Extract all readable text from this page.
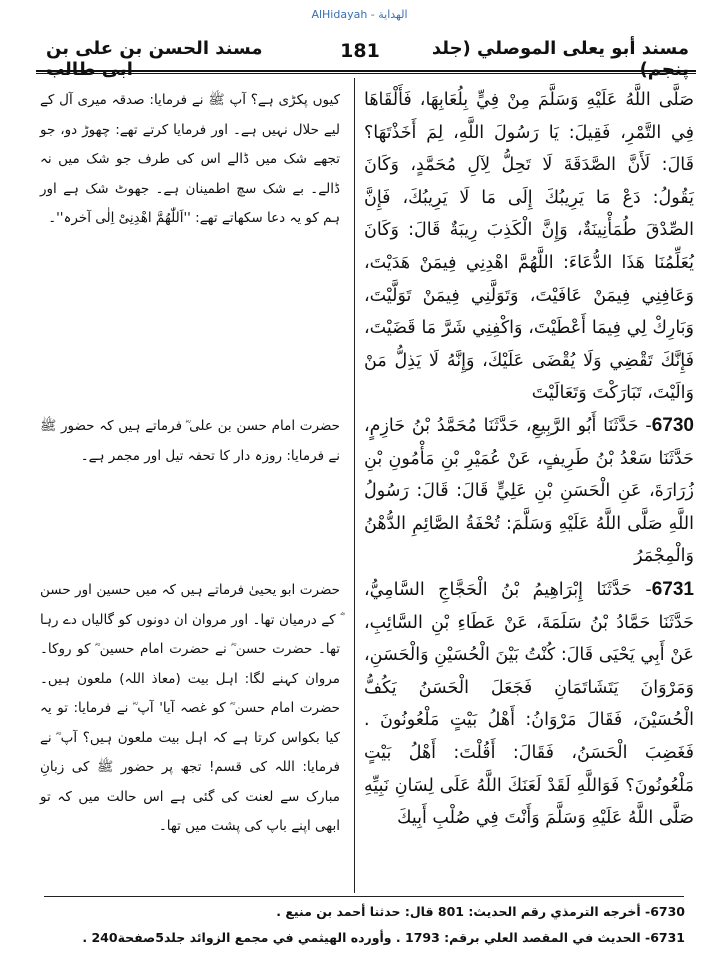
AlHidayah - الهداية
مسند الحسن بن علی بن ابی طالب
181	مسند أبو يعلى الموصلي (جلد پنجم)

صَلَّى اللَّهُ عَلَيْهِ وَسَلَّمَ مِنْ فِيٍّ بِلُعَابِهَا، فَأَلْقَاهَا فِي التَّمْرِ، فَقِيلَ: يَا رَسُولَ اللَّهِ، لِمَ أَخَذْتَهَا؟ قَالَ: لَأَنَّ الصَّدَقَةَ لَا تَحِلُّ لِآلِ مُحَمَّدٍ، وَكَانَ يَقُولُ: دَعْ مَا يَرِيبُكَ إِلَى مَا لَا يَرِيبُكَ، فَإِنَّ الصِّدْقَ طُمَأْنِينَةٌ، وَإِنَّ الْكَذِبَ رِيبَةٌ قَالَ: وَكَانَ يُعَلِّمُنَا هَذَا الدُّعَاءَ: اللَّهُمَّ اهْدِنِي فِيمَنْ هَدَيْتَ، وَعَافِنِي فِيمَنْ عَافَيْتَ، وَتَوَلَّنِي فِيمَنْ تَوَلَّيْتَ، وَبَارِكْ لِي فِيمَا أَعْطَيْتَ، وَاكْفِنِي شَرَّ مَا قَضَيْتَ، فَإِنَّكَ تَقْضِي وَلَا يُقْضَى عَلَيْكَ، وَإِنَّهُ لَا يَذِلُّ مَنْ وَالَيْتَ، تَبَارَكْتَ وَتَعَالَيْتَ

6730- حَدَّثَنَا أَبُو الرَّبِيعِ، حَدَّثَنَا مُحَمَّدُ بْنُ حَازِمٍ، حَدَّثَنَا سَعْدُ بْنُ طَرِيفٍ، عَنْ عُمَيْرِ بْنِ مَأْمُونِ بْنِ زُرَارَةَ، عَنِ الْحَسَنِ بْنِ عَلِيٍّ قَالَ: قَالَ: رَسُولُ اللَّهِ صَلَّى اللَّهُ عَلَيْهِ وَسَلَّمَ: تُحْفَةُ الصَّائِمِ الدُّهْنُ وَالْمِجْمَرُ

6731- حَدَّثَنَا إِبْرَاهِيمُ بْنُ الْحَجَّاجِ السَّامِيُّ، حَدَّثَنَا حَمَّادُ بْنُ سَلَمَةَ، عَنْ عَطَاءِ بْنِ السَّائِبِ، عَنْ أَبِي يَحْيَى قَالَ: كُنْتُ بَيْنَ الْحُسَيْنِ وَالْحَسَنِ، وَمَرْوَانَ يَتَشَاتَمَانِ فَجَعَلَ الْحَسَنُ يَكُفُّ الْحُسَيْنَ، فَقَالَ مَرْوَانُ: أَهْلُ بَيْتٍ مَلْعُونُونَ . فَغَضِبَ الْحَسَنُ، فَقَالَ: أَقُلْتَ: أَهْلُ بَيْتٍ مَلْعُونُونَ؟ فَوَاللَّهِ لَقَدْ لَعَنَكَ اللَّهُ عَلَى لِسَانِ نَبِيِّهِ صَلَّى اللَّهُ عَلَيْهِ وَسَلَّمَ وَأَنْتَ فِي صُلْبِ أَبِيكَ

کیوں پکڑی ہے؟ آپ ﷺ نے فرمایا: صدقہ میری آل کے لیے حلال نہیں ہے۔ اور فرمایا کرتے تھے: چھوڑ دو، جو تجھے شک میں ڈالے اس کی طرف جو شک میں نہ ڈالے۔ بے شک سچ اطمینان ہے۔ جھوٹ شک ہے اور ہم کو یہ دعا سکھاتے تھے: ''اَللّٰھُمَّ اھْدِنِیْ اِلٰی آخرہ''۔

حضرت امام حسن بن علی ؓ فرماتے ہیں کہ حضور ﷺ نے فرمایا: روزہ دار کا تحفہ تیل اور مجمر ہے۔

حضرت ابو یحییٰ فرماتے ہیں کہ میں حسین اور حسن ؓ کے درمیان تھا۔ اور مروان ان دونوں کو گالیاں دے رہا تھا۔ حضرت حسن ؓ نے حضرت امام حسین ؓ کو روکا۔ مروان کہنے لگا: اہل بیت (معاذ اللہ) ملعون ہیں۔ حضرت امام حسن ؓ کو غصہ آیا' آپ ؓ نے فرمایا: تو یہ کیا بکواس کرتا ہے کہ اہل بیت ملعون ہیں؟ آپ ؓ نے فرمایا: اللہ کی قسم! تجھ پر حضور ﷺ کی زبانِ مبارک سے لعنت کی گئی ہے اس حالت میں کہ تو ابھی اپنے باپ کی پشت میں تھا۔

6730- أخرجه الترمذي رقم الحديث: 801 قال: حدثنا أحمد بن منيع .
6731- الحديث في المقصد العلي برقم: 1793 . وأورده الهيثمي في مجمع الزوائد جلد5صفحة240 .
